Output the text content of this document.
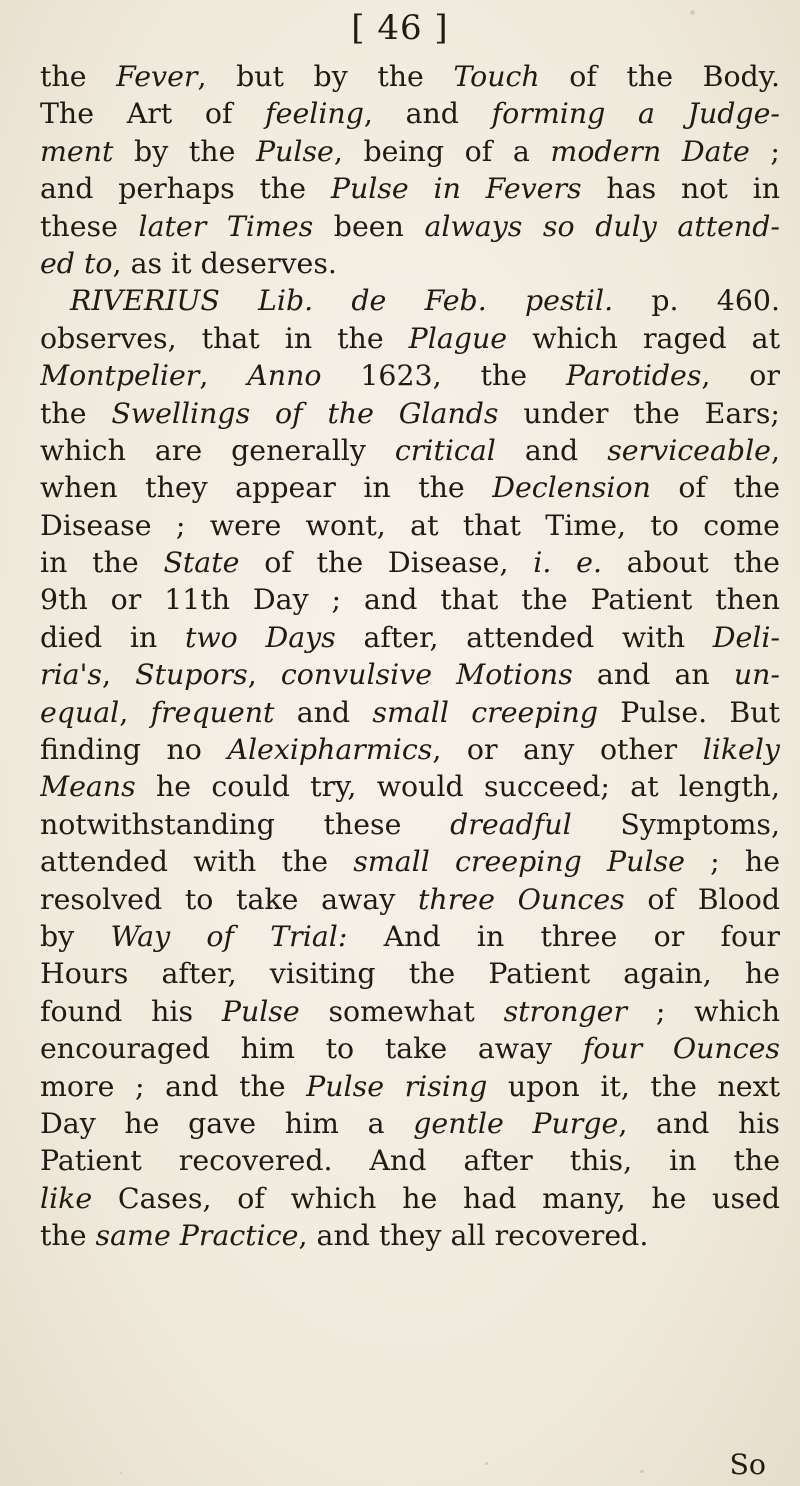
[ 46 ]
the Fever, but by the Touch of the Body.
The Art of feeling, and forming a Judge-
ment by the Pulse, being of a modern Date ;
and perhaps the Pulse in Fevers has not in
these later Times been always so duly attend-
ed to, as it deserves.
RIVERIUS Lib. de Feb. pestil. p. 460.
observes, that in the Plague which raged at
Montpelier, Anno 1623, the Parotides, or
the Swellings of the Glands under the Ears;
which are generally critical and serviceable,
when they appear in the Declension of the
Disease ; were wont, at that Time, to come
in the State of the Disease, i. e. about the
9th or 11th Day ; and that the Patient then
died in two Days after, attended with Deli-
ria's, Stupors, convulsive Motions and an un-
equal, frequent and small creeping Pulse. But
finding no Alexipharmics, or any other likely
Means he could try, would succeed; at length,
notwithstanding these dreadful Symptoms,
attended with the small creeping Pulse ; he
resolved to take away three Ounces of Blood
by Way of Trial: And in three or four
Hours after, visiting the Patient again, he
found his Pulse somewhat stronger ; which
encouraged him to take away four Ounces
more ; and the Pulse rising upon it, the next
Day he gave him a gentle Purge, and his
Patient recovered. And after this, in the
like Cases, of which he had many, he used
the same Practice, and they all recovered.
So
